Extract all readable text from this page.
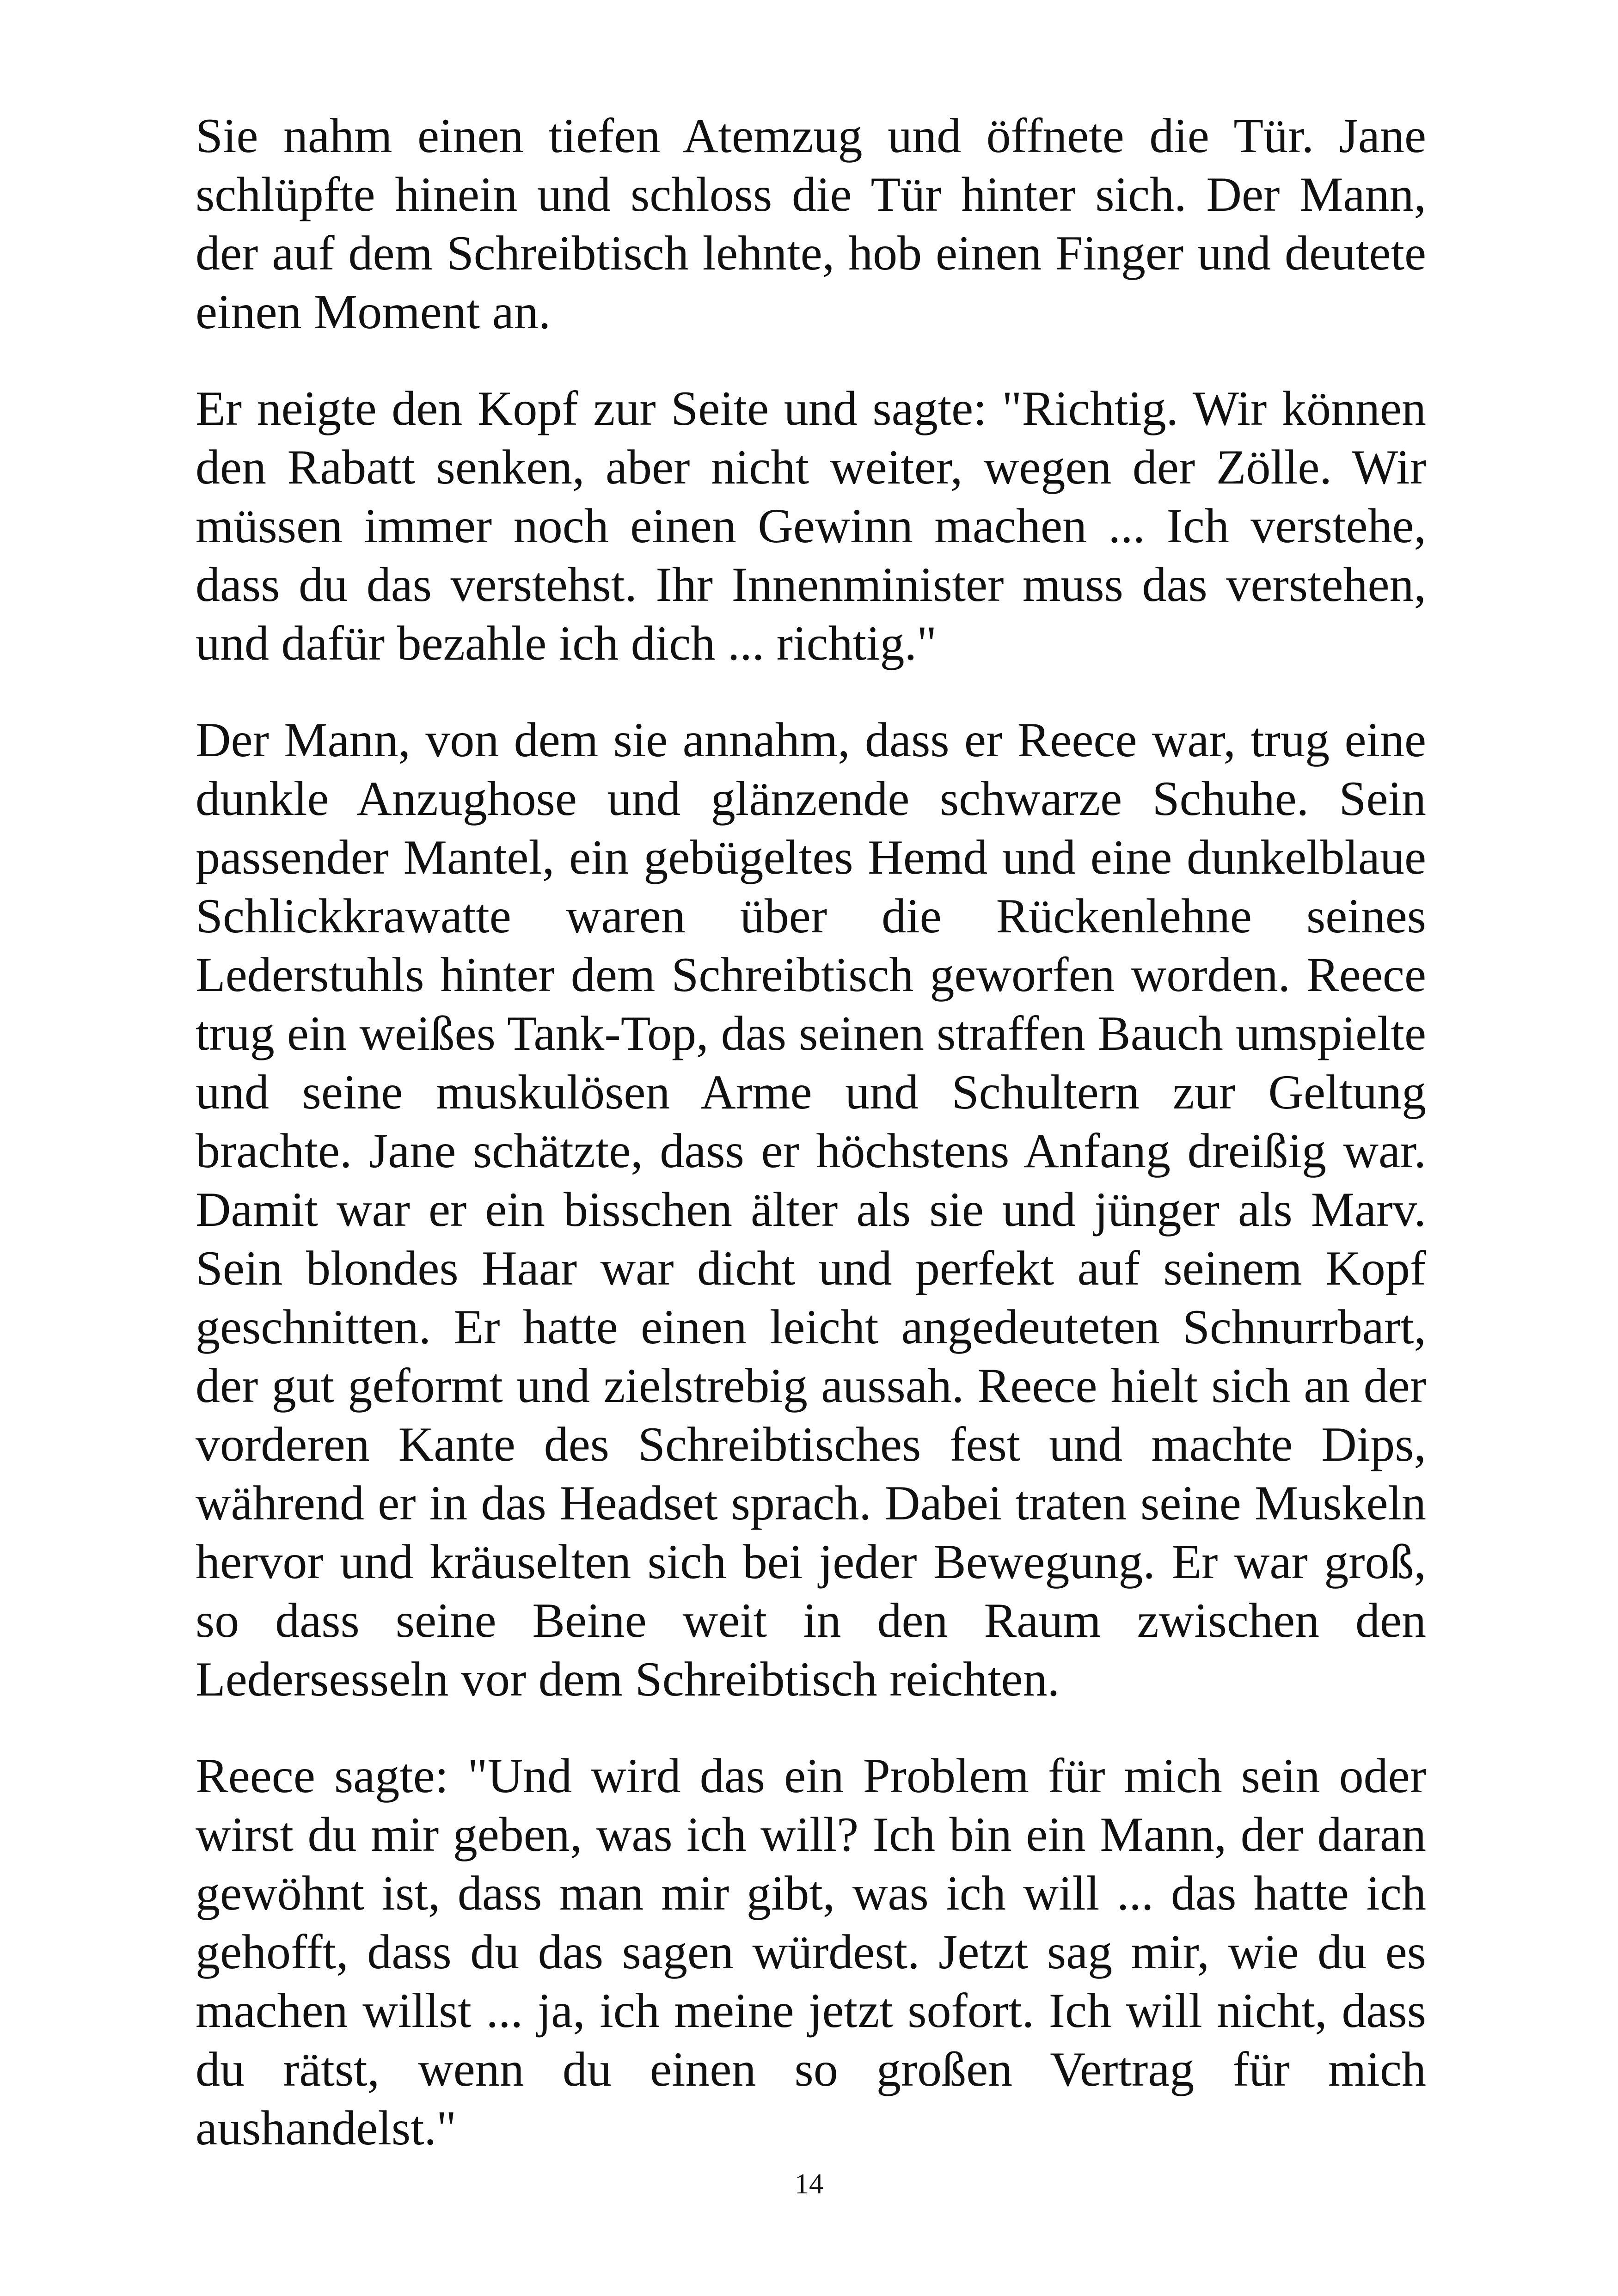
Sie nahm einen tiefen Atemzug und öffnete die Tür. Jane schlüpfte hinein und schloss die Tür hinter sich. Der Mann, der auf dem Schreibtisch lehnte, hob einen Finger und deutete einen Moment an.

Er neigte den Kopf zur Seite und sagte: "Richtig. Wir können den Rabatt senken, aber nicht weiter, wegen der Zölle. Wir müssen immer noch einen Gewinn machen ... Ich verstehe, dass du das verstehst. Ihr Innenminister muss das verstehen, und dafür bezahle ich dich ... richtig."

Der Mann, von dem sie annahm, dass er Reece war, trug eine dunkle Anzughose und glänzende schwarze Schuhe. Sein passender Mantel, ein gebügeltes Hemd und eine dunkelblaue Schlickkrawatte waren über die Rückenlehne seines Lederstuhls hinter dem Schreibtisch geworfen worden. Reece trug ein weißes Tank-Top, das seinen straffen Bauch umspielte und seine muskulösen Arme und Schultern zur Geltung brachte. Jane schätzte, dass er höchstens Anfang dreißig war. Damit war er ein bisschen älter als sie und jünger als Marv. Sein blondes Haar war dicht und perfekt auf seinem Kopf geschnitten. Er hatte einen leicht angedeuteten Schnurrbart, der gut geformt und zielstrebig aussah. Reece hielt sich an der vorderen Kante des Schreibtisches fest und machte Dips, während er in das Headset sprach. Dabei traten seine Muskeln hervor und kräuselten sich bei jeder Bewegung. Er war groß, so dass seine Beine weit in den Raum zwischen den Ledersesseln vor dem Schreibtisch reichten.

Reece sagte: "Und wird das ein Problem für mich sein oder wirst du mir geben, was ich will? Ich bin ein Mann, der daran gewöhnt ist, dass man mir gibt, was ich will ... das hatte ich gehofft, dass du das sagen würdest. Jetzt sag mir, wie du es machen willst ... ja, ich meine jetzt sofort. Ich will nicht, dass du rätst, wenn du einen so großen Vertrag für mich aushandelst."

14
